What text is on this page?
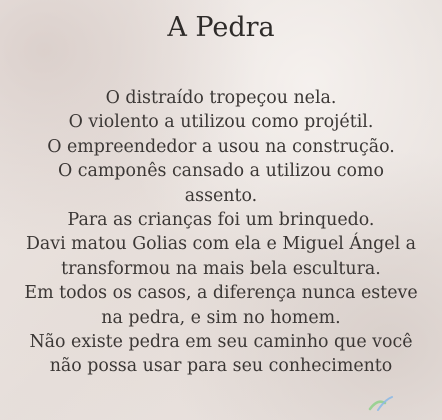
A Pedra
O distraído tropeçou nela.
O violento a utilizou como projétil.
O empreendedor a usou na construção.
O camponês cansado a utilizou como
assento.
Para as crianças foi um brinquedo.
Davi matou Golias com ela e Miguel Ángel a
transformou na mais bela escultura.
Em todos os casos, a diferença nunca esteve
na pedra, e sim no homem.
Não existe pedra em seu caminho que você
não possa usar para seu conhecimento
